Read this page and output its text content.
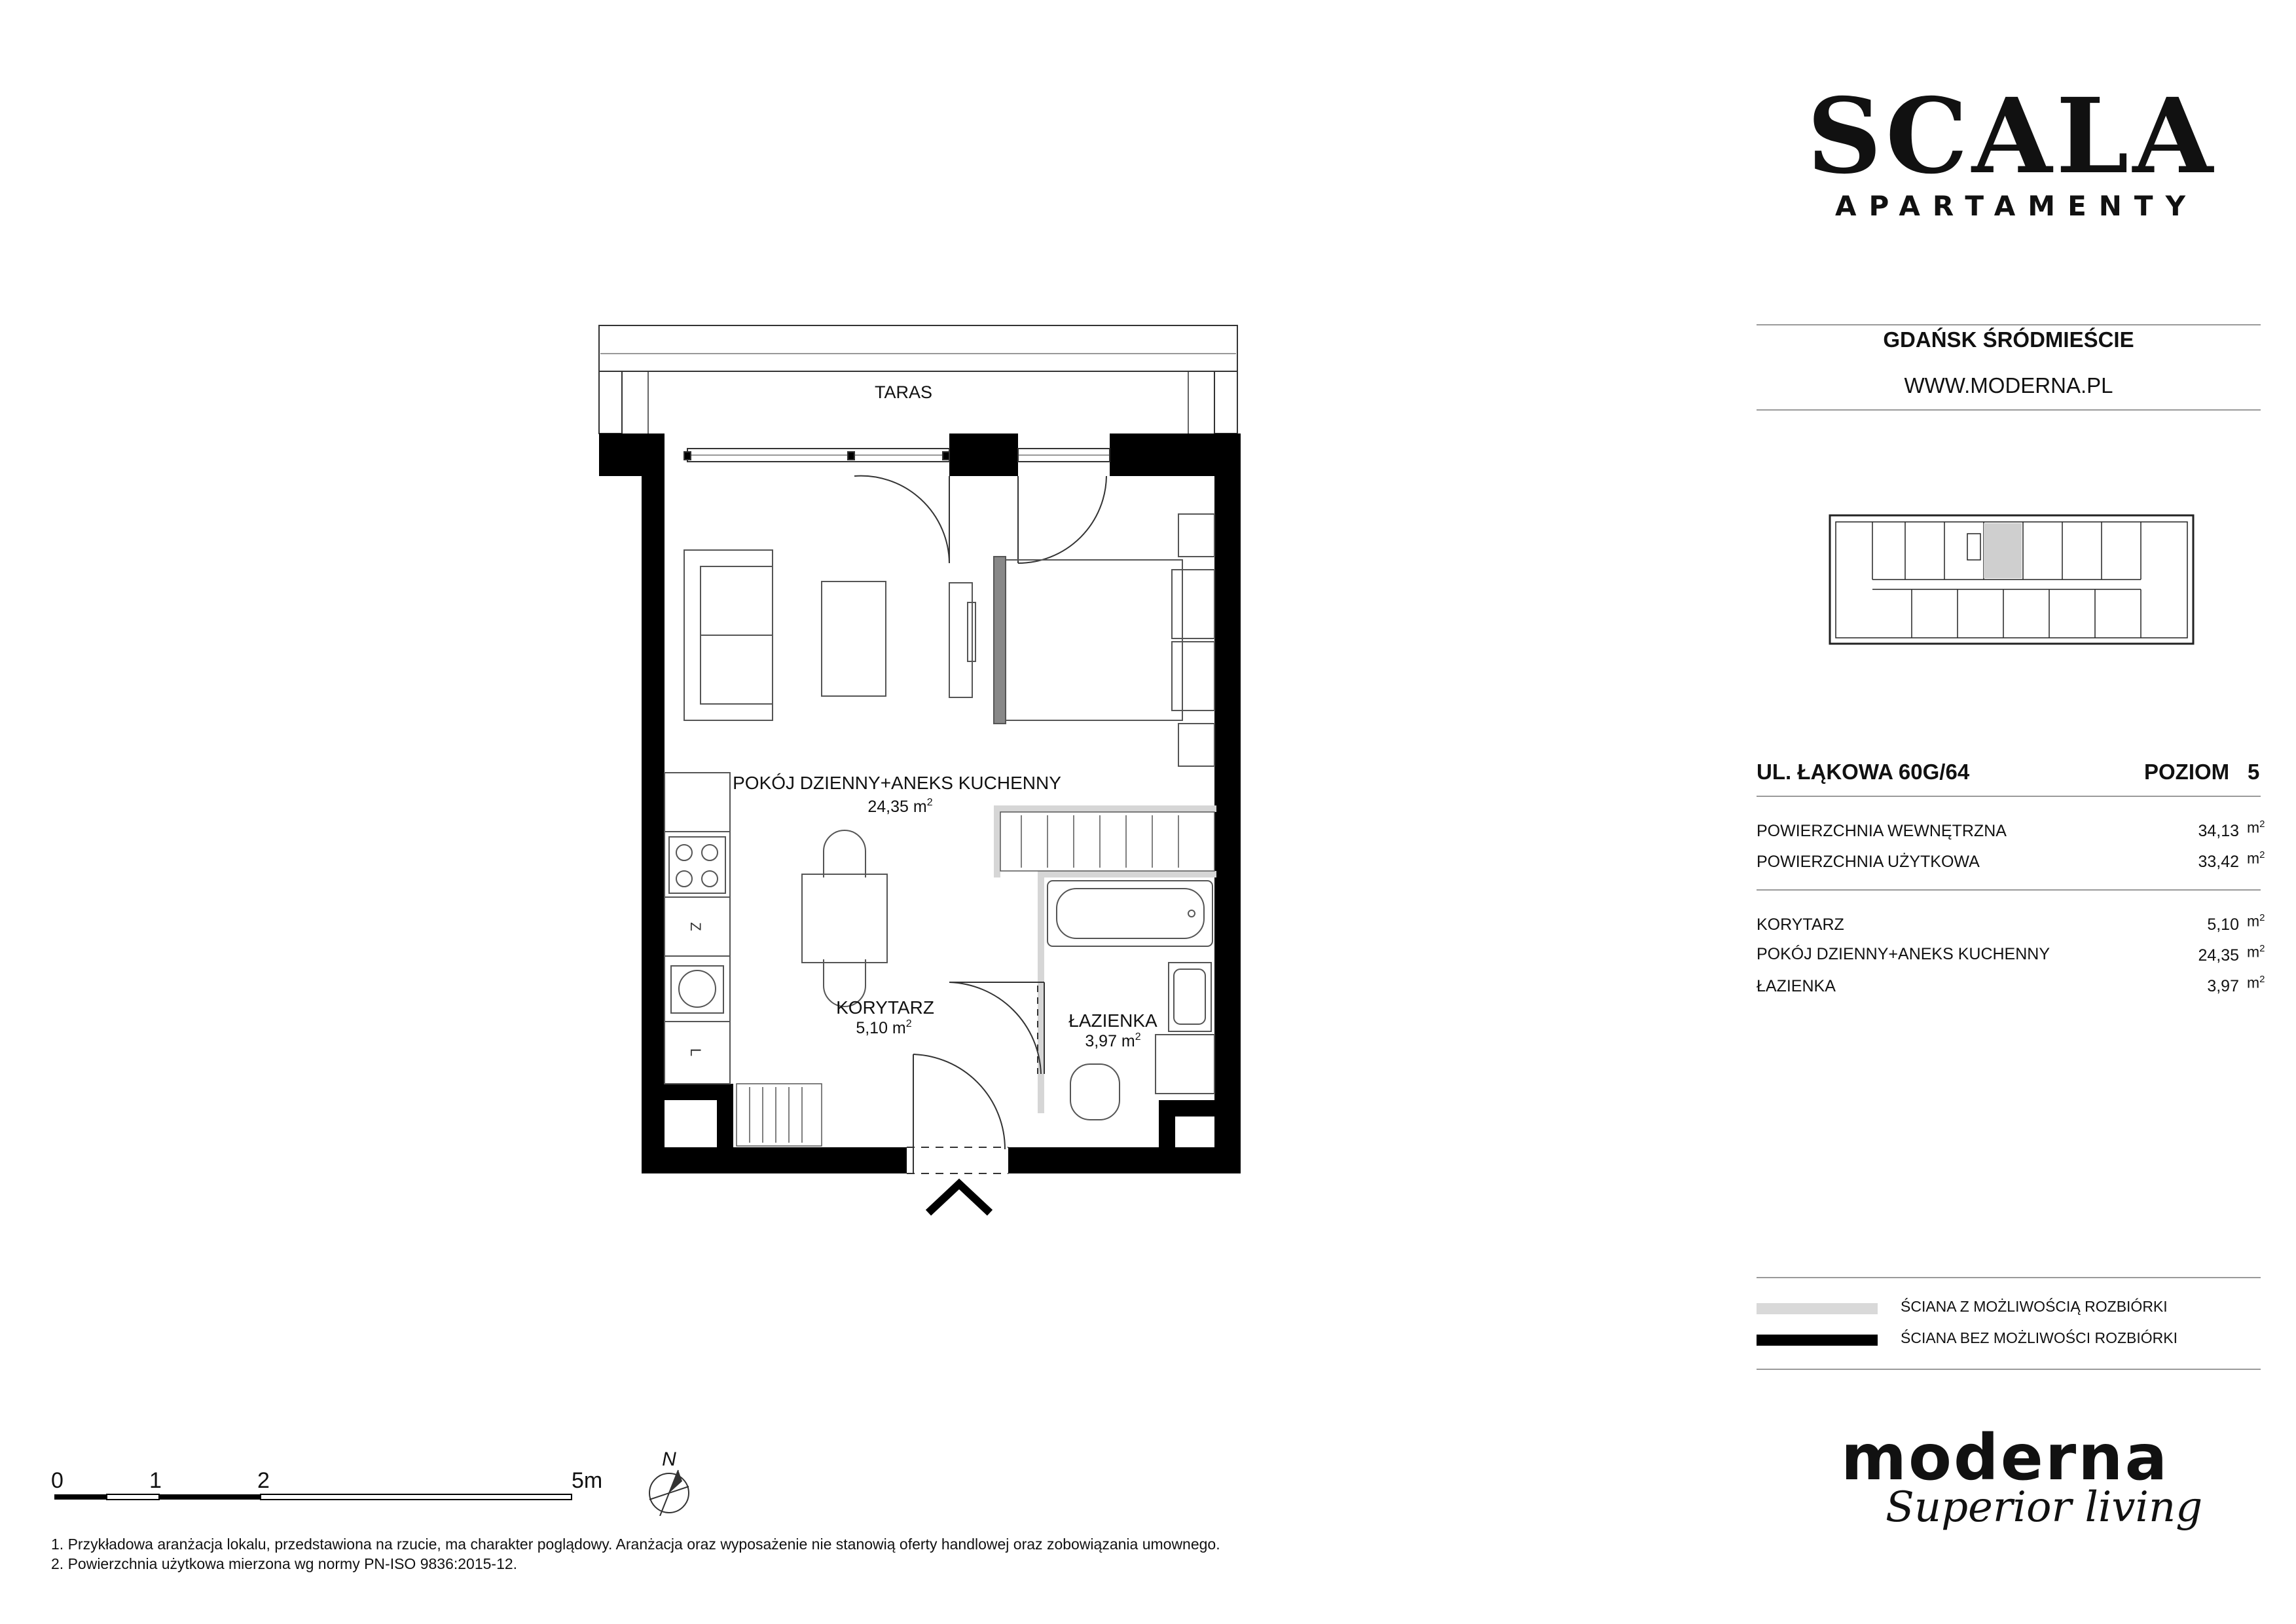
SCALA
APARTAMENTY
GDAŃSK ŚRÓDMIEŚCIE
WWW.MODERNA.PL
UL. ŁĄKOWA 60G/64	POZIOM 5
POWIERZCHNIA WEWNĘTRZNA	34,13 $m^2$
POWIERZCHNIA UŻYTKOWA	33,42 $m^2$
KORYTARZ	5,10 $m^2$
POKÓJ DZIENNY+ANEKS KUCHENNY	24,35 $m^2$
ŁAZIENKA	3,97 $m^2$
ŚCIANA Z MOŻLIWOŚCIĄ ROZBIÓRKI
ŚCIANA BEZ MOŻLIWOŚCI ROZBIÓRKI
moderna
Superior living
TARAS
Z
L
POKÓJ DZIENNY+ANEKS KUCHENNY
24,35 $m^2$
KORYTARZ
5,10 $m^2$	ŁAZIENKA
3,97 $m^2$
0	1	2	5m
N
1. Przykładowa aranżacja lokalu, przedstawiona na rzucie, ma charakter poglądowy. Aranżacja oraz wyposażenie nie stanowią oferty handlowej oraz zobowiązania umownego.
2. Powierzchnia użytkowa mierzona wg normy PN-ISO 9836:2015-12.
